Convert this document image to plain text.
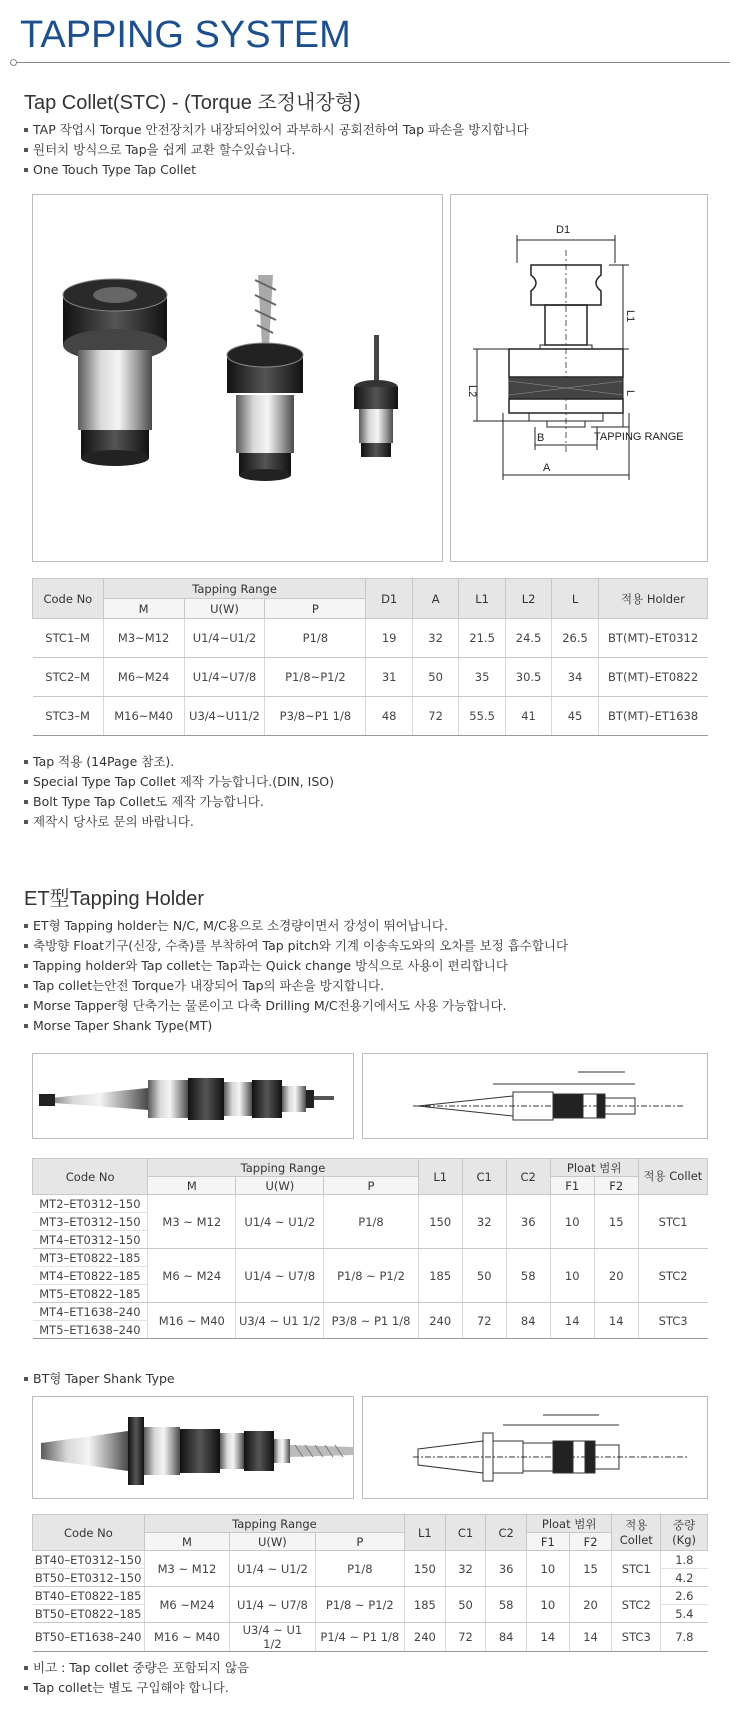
TAPPING SYSTEM
Tap Collet(STC) - (Torque 조정내장형)
TAP 작업시 Torque 안전장치가 내장되어있어 과부하시 공회전하여 Tap 파손을 방지합니다
원터치 방식으로 Tap을 쉽게 교환 할수있습니다.
One Touch Type Tap Collet
D1
L1
L
L2
B	TAPPING RANGE
A
Code No	Tapping Range			D1	A	L1	L2	L	적용 Holder
	M	U(W)	P						
STC1–M	M3~M12	U1/4~U1/2	P1/8	19	32	21.5	24.5	26.5	BT(MT)–ET0312
STC2–M	M6~M24	U1/4~U7/8	P1/8~P1/2	31	50	35	30.5	34	BT(MT)–ET0822
STC3–M	M16~M40	U3/4~U11/2	P3/8~P1 1/8	48	72	55.5	41	45	BT(MT)–ET1638
Tap 적용 (14Page 참조).
Special Type Tap Collet 제작 가능합니다.(DIN, ISO)
Bolt Type Tap Collet도 제작 가능합니다.
제작시 당사로 문의 바랍니다.
ET型Tapping Holder
ET형 Tapping holder는 N/C, M/C용으로 소경량이면서 강성이 뛰어납니다.
축방향 Float기구(신장, 수축)를 부착하여 Tap pitch와 기계 이송속도와의 오차를 보정 흡수합니다
Tapping holder와 Tap collet는 Tap과는 Quick change 방식으로 사용이 편리합니다
Tap collet는안전 Torque가 내장되어 Tap의 파손을 방지합니다.
Morse Tapper형 단축기는 물론이고 다축 Drilling M/C전용기에서도 사용 가능합니다.
Morse Taper Shank Type(MT)
Code No	Tapping Range			L1	C1	C2	Ploat 범위		적용 Collet
	M	U(W)	P				F1	F2	
MT2–ET0312–150	M3 ~ M12	U1/4 ~ U1/2	P1/8	150	32	36	10	15	STC1
MT3–ET0312–150									
MT4–ET0312–150									
MT3–ET0822–185	M6 ~ M24	U1/4 ~ U7/8	P1/8 ~ P1/2	185	50	58	10	20	STC2
MT4–ET0822–185									
MT5–ET0822–185									
MT4–ET1638–240	M16 ~ M40	U3/4 ~ U1 1/2	P3/8 ~ P1 1/8	240	72	84	14	14	STC3
MT5–ET1638–240									
BT형 Taper Shank Type
Code No	Tapping Range			L1	C1	C2	Ploat 범위		적용 Collet	중량 (Kg)
	M	U(W)	P				F1	F2		
BT40–ET0312–150	M3 ~ M12	U1/4 ~ U1/2	P1/8	150	32	36	10	15	STC1	1.8
BT50–ET0312–150										4.2
BT40–ET0822–185	M6 ~M24	U1/4 ~ U7/8	P1/8 ~ P1/2	185	50	58	10	20	STC2	2.6
BT50–ET0822–185										5.4
BT50–ET1638–240	M16 ~ M40	U3/4 ~ U1 1/2	P1/4 ~ P1 1/8	240	72	84	14	14	STC3	7.8
비고 : Tap collet 중량은 포함되지 않음
Tap collet는 별도 구입해야 합니다.
